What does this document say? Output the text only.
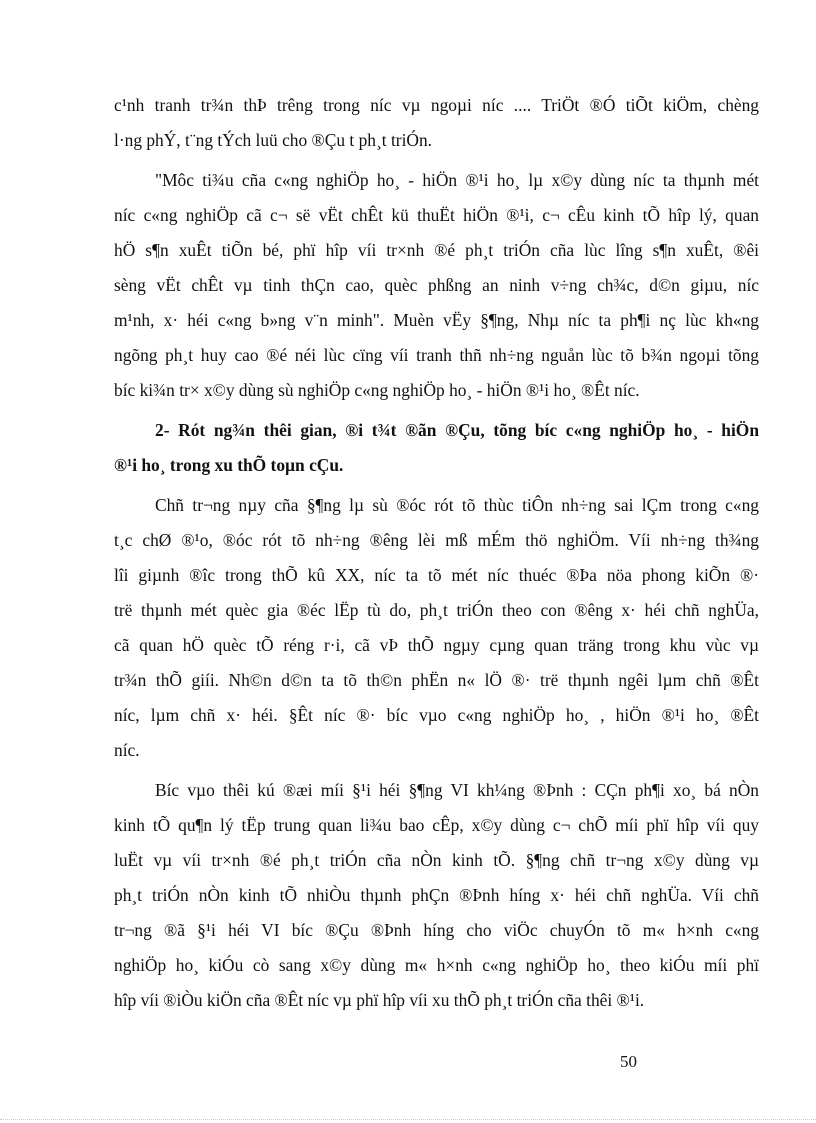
c¹nh tranh tr¾n thÞ trêng trong níc vµ ngoµi níc .... TriÖt ®Ó tiÕt kiÖm, chèng
l·ng phÝ, t¨ng tÝch luü cho ®Çu t ph¸t triÓn.
"Môc ti¾u cña c«ng nghiÖp ho¸ - hiÖn ®¹i ho¸ lµ x©y dùng níc ta thµnh mét
níc c«ng nghiÖp cã c¬ së vËt chÊt kü thuËt hiÖn ®¹i, c¬ cÊu kinh tÕ hîp lý, quan
hÖ s¶n xuÊt tiÕn bé, phï hîp víi tr×nh ®é ph¸t triÓn cña lùc lîng s¶n xuÊt, ®êi
sèng vËt chÊt vµ tinh thÇn cao, quèc phßng an ninh v÷ng ch¾c, d©n giµu, níc
m¹nh, x· héi c«ng b»ng v¨n minh". Muèn vËy §¶ng, Nhµ níc ta ph¶i nç lùc kh«ng
ngõng ph¸t huy cao ®é néi lùc cïng víi tranh thñ nh÷ng nguån lùc tõ b¾n ngoµi tõng
bíc ki¾n tr× x©y dùng sù nghiÖp c«ng nghiÖp ho¸ - hiÖn ®¹i ho¸ ®Êt níc.
2- Rót ng¾n thêi gian, ®i t¾t ®ãn ®Çu, tõng bíc c«ng nghiÖp ho¸ - hiÖn
®¹i ho¸ trong xu thÕ toµn cÇu.
Chñ tr¬ng nµy cña §¶ng lµ sù ®óc rót tõ thùc tiÔn nh÷ng sai lÇm trong c«ng
t¸c chØ ®¹o, ®óc rót tõ nh÷ng ®êng lèi mß mÉm thö nghiÖm. Víi nh÷ng th¾ng
lîi giµnh ®îc trong thÕ kû XX, níc ta tõ mét níc thuéc ®Þa nöa phong kiÕn ®·
trë thµnh mét quèc gia ®éc lËp tù do, ph¸t triÓn theo con ®êng x· héi chñ nghÜa,
cã quan hÖ quèc tÕ réng r·i, cã vÞ thÕ ngµy cµng quan träng trong khu vùc vµ
tr¾n thÕ giíi. Nh©n d©n ta tõ th©n phËn n« lÖ ®· trë thµnh ngêi lµm chñ ®Êt
níc, lµm chñ x· héi. §Êt níc ®· bíc vµo c«ng nghiÖp ho¸ , hiÖn ®¹i ho¸ ®Êt
níc.
Bíc vµo thêi kú ®æi míi §¹i héi §¶ng VI kh¼ng ®Þnh : CÇn ph¶i xo¸ bá nÒn
kinh tÕ qu¶n lý tËp trung quan li¾u bao cÊp, x©y dùng c¬ chÕ míi phï hîp víi quy
luËt vµ víi tr×nh ®é ph¸t triÓn cña nÒn kinh tÕ. §¶ng chñ tr¬ng x©y dùng vµ
ph¸t triÓn nÒn kinh tÕ nhiÒu thµnh phÇn ®Þnh híng x· héi chñ nghÜa. Víi chñ
tr¬ng ®ã §¹i héi VI bíc ®Çu ®Þnh híng cho viÖc chuyÓn tõ m« h×nh c«ng
nghiÖp ho¸ kiÓu cò sang x©y dùng m« h×nh c«ng nghiÖp ho¸ theo kiÓu míi phï
hîp víi ®iÒu kiÖn cña ®Êt níc vµ phï hîp víi xu thÕ ph¸t triÓn cña thêi ®¹i.
50
